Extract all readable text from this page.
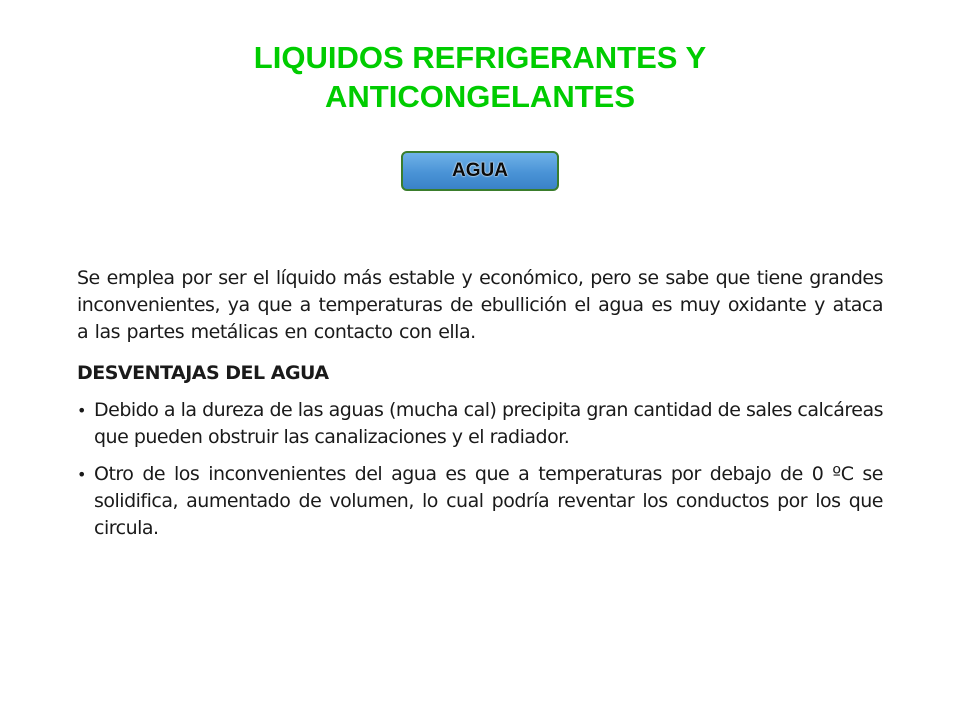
LIQUIDOS REFRIGERANTES Y
ANTICONGELANTES
AGUA

Se emplea por ser el líquido más estable y económico, pero se sabe que tiene grandes inconvenientes, ya que a temperaturas de ebullición el agua es muy oxidante y ataca a las partes metálicas en contacto con ella.

DESVENTAJAS DEL AGUA
• Debido a la dureza de las aguas (mucha cal) precipita gran cantidad de sales calcáreas que pueden obstruir las canalizaciones y el radiador.
• Otro de los inconvenientes del agua es que a temperaturas por debajo de 0 ºC se solidifica, aumentado de volumen, lo cual podría reventar los conductos por los que circula.
